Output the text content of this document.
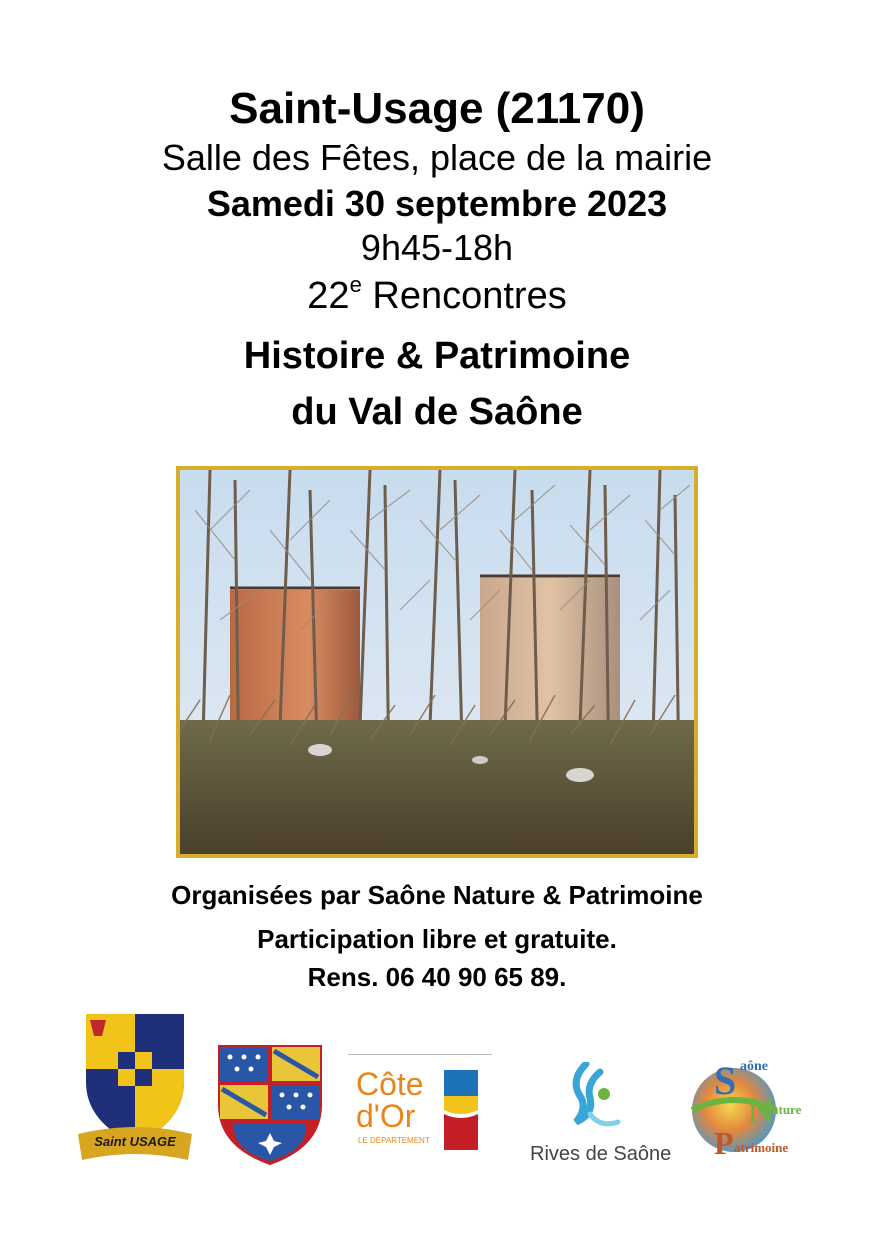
Saint-Usage (21170)
Salle des Fêtes, place de la mairie
Samedi 30 septembre 2023
9h45-18h
22e Rencontres
Histoire & Patrimoine
du Val de Saône
Organisées par Saône Nature & Patrimoine
Participation libre et gratuite.
Rens. 06 40 90 65 89.
Saint USAGE
Côte
d'Or
LE DÉPARTEMENT
Rives de Saône
S aône
N
ature
P atrimoine
